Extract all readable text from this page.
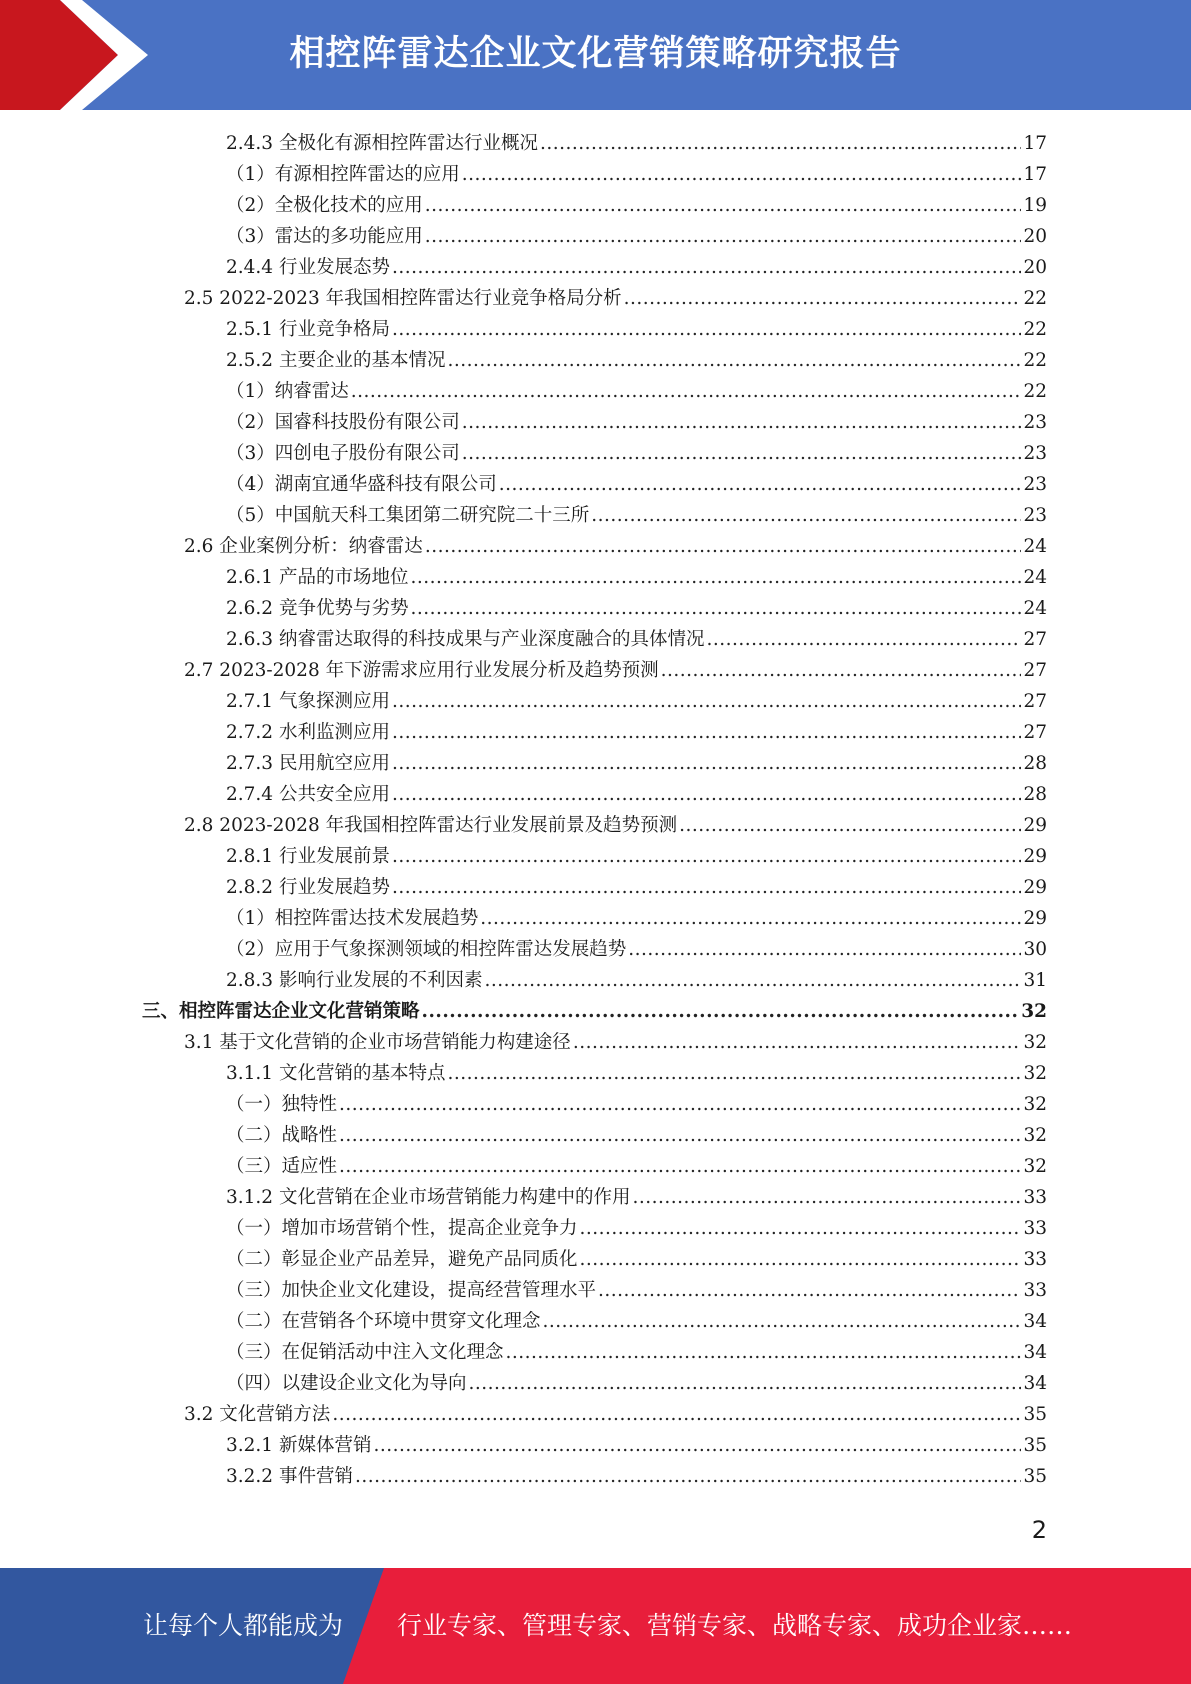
相控阵雷达企业文化营销策略研究报告
2.4.3 全极化有源相控阵雷达行业概况 .....	17
（1）有源相控阵雷达的应用 .....	17
（2）全极化技术的应用 .....	19
（3）雷达的多功能应用 .....	20
2.4.4 行业发展态势 .....	20
2.5 2022-2023 年我国相控阵雷达行业竞争格局分析 .....	22
2.5.1 行业竞争格局 .....	22
2.5.2 主要企业的基本情况 .....	22
（1）纳睿雷达 .....	22
（2）国睿科技股份有限公司 .....	23
（3）四创电子股份有限公司 .....	23
（4）湖南宜通华盛科技有限公司 .....	23
（5）中国航天科工集团第二研究院二十三所 .....	23
2.6 企业案例分析：纳睿雷达 .....	24
2.6.1 产品的市场地位 .....	24
2.6.2 竞争优势与劣势 .....	24
2.6.3 纳睿雷达取得的科技成果与产业深度融合的具体情况 .....	27
2.7 2023-2028 年下游需求应用行业发展分析及趋势预测 .....	27
2.7.1 气象探测应用 .....	27
2.7.2 水利监测应用 .....	27
2.7.3 民用航空应用 .....	28
2.7.4 公共安全应用 .....	28
2.8 2023-2028 年我国相控阵雷达行业发展前景及趋势预测 .....	29
2.8.1 行业发展前景 .....	29
2.8.2 行业发展趋势 .....	29
（1）相控阵雷达技术发展趋势 .....	29
（2）应用于气象探测领域的相控阵雷达发展趋势 .....	30
2.8.3 影响行业发展的不利因素 .....	31
三、相控阵雷达企业文化营销策略 .....	32
3.1 基于文化营销的企业市场营销能力构建途径 .....	32
3.1.1 文化营销的基本特点 .....	32
（一）独特性 .....	32
（二）战略性 .....	32
（三）适应性 .....	32
3.1.2 文化营销在企业市场营销能力构建中的作用 .....	33
（一）增加市场营销个性，提高企业竞争力 .....	33
（二）彰显企业产品差异，避免产品同质化 .....	33
（三）加快企业文化建设，提高经营管理水平 .....	33
（二）在营销各个环境中贯穿文化理念 .....	34
（三）在促销活动中注入文化理念 .....	34
（四）以建设企业文化为导向 .....	34
3.2 文化营销方法 .....	35
3.2.1 新媒体营销 .....	35
3.2.2 事件营销 .....	35
2
让每个人都能成为	行业专家、管理专家、营销专家、战略专家、成功企业家……
